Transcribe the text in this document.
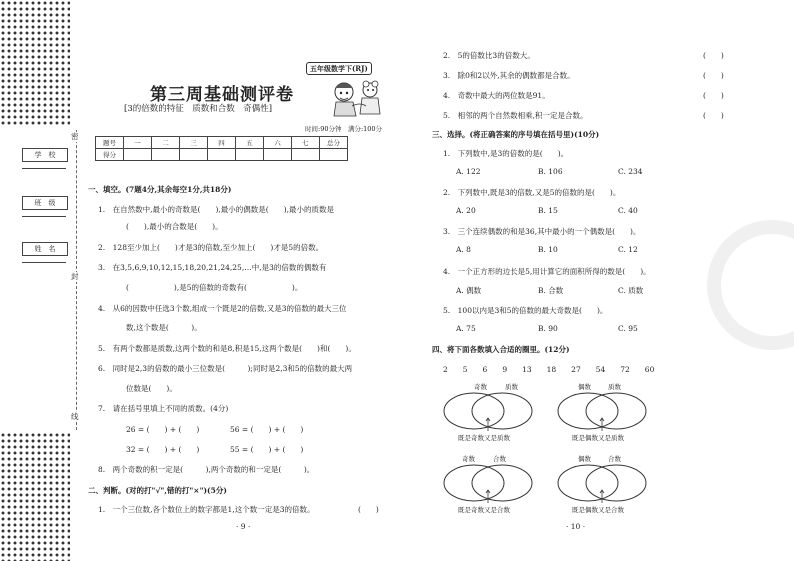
学　校
班　级
姓　名
密
封
线
五年级数学下(RJ)
第三周基础测评卷
[3的倍数的特征　质数和合数　奇偶性]
时间:90分钟　满分:100分
题号	一	二	三	四	五	六	七	总分
得分								
一、填空。(7题4分,其余每空1分,共18分)
1.　在自然数中,最小的奇数是(　　),最小的偶数是(　　),最小的质数是
(　　),最小的合数是(　　)。
2.　128至少加上(　　)才是3的倍数,至少加上(　　)才是5的倍数。
3.　在3,5,6,9,10,12,15,18,20,21,24,25,…中,是3的倍数的偶数有
(　　　　　　),是5的倍数的奇数有(　　　　　　)。
4.　从6的因数中任选3个数,组成一个既是2的倍数,又是3的倍数的最大三位
数,这个数是(　　　)。
5.　有两个数都是质数,这两个数的和是8,积是15,这两个数是(　　)和(　　)。
6.　同时是2,3的倍数的最小三位数是(　　　);同时是2,3和5的倍数的最大两
位数是(　　)。
7.　请在括号里填上不同的质数。(4分)
26 = (　　) + (　　)	56 = (　　) + (　　)
32 = (　　) + (　　)	55 = (　　) + (　　)
8.　两个奇数的积一定是(　　　),两个奇数的和一定是(　　　)。
二、判断。(对的打"√",错的打"×")(5分)
1.　一个三位数,各个数位上的数字都是1,这个数一定是3的倍数。	(　　)
· 9 ·
2.　5的倍数比3的倍数大。	(　　)
3.　除0和2以外,其余的偶数都是合数。	(　　)
4.　奇数中最大的两位数是91。	(　　)
5.　相邻的两个自然数相乘,积一定是合数。	(　　)
三、选择。(将正确答案的序号填在括号里)(10分)
1.　下列数中,是3的倍数的是(　　)。
A. 122	B. 106	C. 234
2.　下列数中,既是3的倍数,又是5的倍数的是(　　)。
A. 20	B. 15	C. 40
3.　三个连续偶数的和是36,其中最小的一个偶数是(　　)。
A. 8	B. 10	C. 12
4.　一个正方形的边长是5,用计算它的面积所得的数是(　　)。
A. 偶数	B. 合数	C. 质数
5.　100以内是3和5的倍数的最大奇数是(　　)。
A. 75	B. 90	C. 95
四、将下面各数填入合适的圈里。(12分)
2　　5　　6　　9　　13　　18　　27　　54　　72　　60
奇数	质数
既是奇数又是质数
偶数	质数
既是偶数又是质数
奇数	合数
既是奇数又是合数
偶数	合数
既是偶数又是合数
· 10 ·
